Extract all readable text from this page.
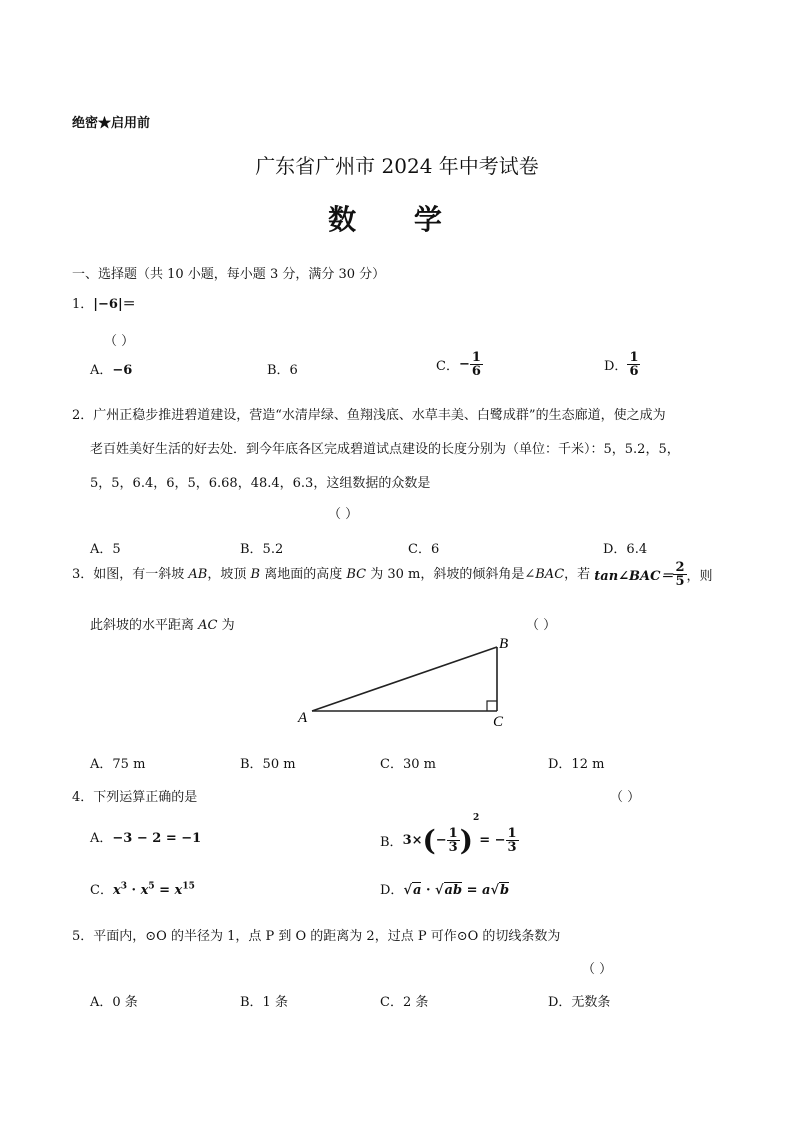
绝密★启用前
广东省广州市 2024 年中考试卷
数 学
一、选择题（共 10 小题，每小题 3 分，满分 30 分）
1．|−6|＝
（ ）
A．−6	B．6	C．− $\frac{1}{6}$	D． $\frac{1}{6}$
2．广州正稳步推进碧道建设，营造“水清岸绿、鱼翔浅底、水草丰美、白鹭成群”的生态廊道，使之成为
老百姓美好生活的好去处．到今年底各区完成碧道试点建设的长度分别为（单位：千米）：5，5.2，5，
5，5，6.4，6，5，6.68，48.4，6.3，这组数据的众数是
（ ）
A．5	B．5.2	C．6	D．6.4
3．如图，有一斜坡 AB，坡顶 B 离地面的高度 BC 为 30 m，斜坡的倾斜角是∠BAC，若 tan∠BAC＝ $\frac{2}{5}$ ，则
此斜坡的水平距离 AC 为	（ ）
A
B
C
A．75 m	B．50 m	C．30 m	D．12 m
4．下列运算正确的是	（ ）
A．−3 − 2 = −1	B．$3\times(- \frac{1}{3} )^2= - \frac{1}{3}$
C．$x^3 \cdot x^5 = x^{15}$	D．√a · √ab = a√b
5．平面内，⊙O 的半径为 1，点 P 到 O 的距离为 2，过点 P 可作⊙O 的切线条数为
（ ）
A．0 条	B．1 条	C．2 条	D．无数条
